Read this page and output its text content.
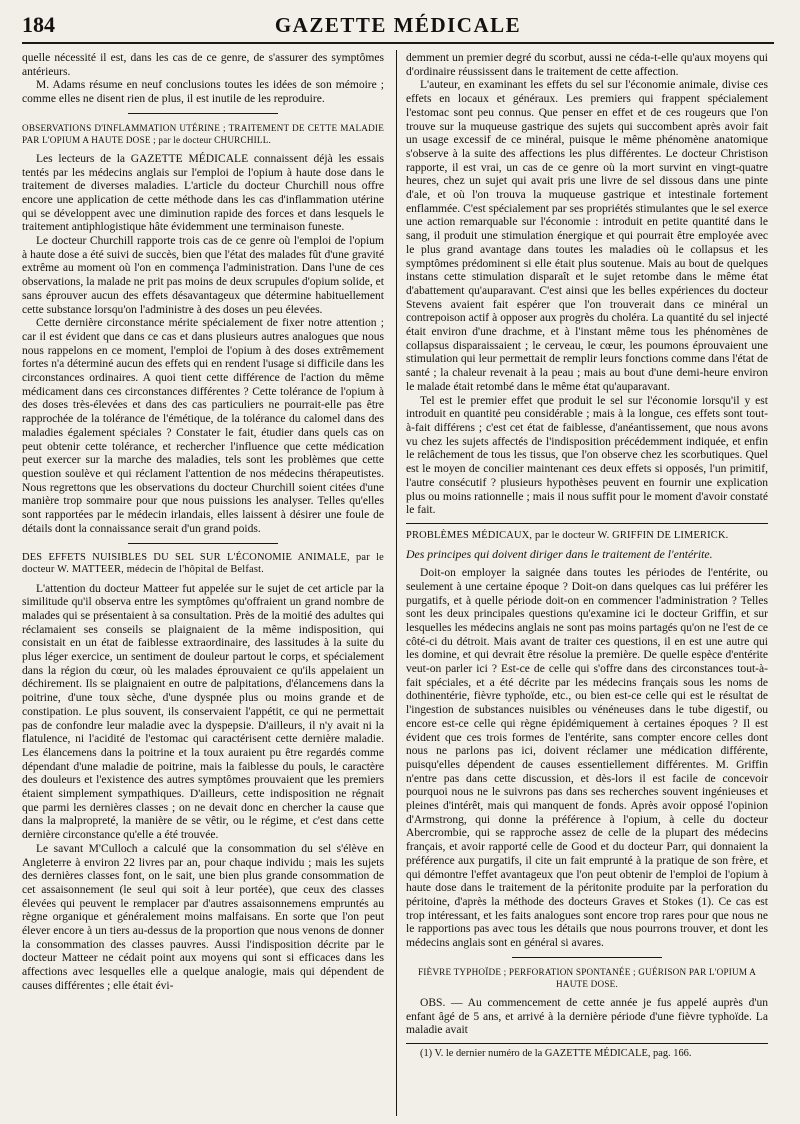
184	GAZETTE MÉDICALE

quelle nécessité il est, dans les cas de ce genre, de s'assurer des symptômes antérieurs.

M. Adams résume en neuf conclusions toutes les idées de son mémoire ; comme elles ne disent rien de plus, il est inutile de les reproduire.

OBSERVATIONS D'INFLAMMATION UTÉRINE ; TRAITEMENT DE CETTE MALADIE PAR L'OPIUM A HAUTE DOSE ; par le docteur CHURCHILL.

Les lecteurs de la GAZETTE MÉDICALE connaissent déjà les essais tentés par les médecins anglais sur l'emploi de l'opium à haute dose dans le traitement de diverses maladies. L'article du docteur Churchill nous offre encore une application de cette méthode dans les cas d'inflammation utérine qui se développent avec une diminution rapide des forces et dans lesquels le traitement antiphlogistique hâte évidemment une terminaison funeste.

Le docteur Churchill rapporte trois cas de ce genre où l'emploi de l'opium à haute dose a été suivi de succès, bien que l'état des malades fût d'une gravité extrême au moment où l'on en commença l'administration. Dans l'une de ces observations, la malade ne prit pas moins de deux scrupules d'opium solide, et sans éprouver aucun des effets désavantageux que détermine habituellement cette substance lorsqu'on l'administre à des doses un peu élevées.

Cette dernière circonstance mérite spécialement de fixer notre attention ; car il est évident que dans ce cas et dans plusieurs autres analogues que nous nous rappelons en ce moment, l'emploi de l'opium à des doses extrêmement fortes n'a déterminé aucun des effets qui en rendent l'usage si difficile dans les circonstances ordinaires. A quoi tient cette différence de l'action du même médicament dans ces circonstances différentes ? Cette tolérance de l'opium à des doses très-élevées et dans des cas particuliers ne pourrait-elle pas être rapprochée de la tolérance de l'émétique, de la tolérance du calomel dans des maladies également spéciales ? Constater le fait, étudier dans quels cas on peut obtenir cette tolérance, et rechercher l'influence que cette médication peut exercer sur la marche des maladies, tels sont les problèmes que cette question soulève et qui réclament l'attention de nos médecins thérapeutistes. Nous regrettons que les observations du docteur Churchill soient citées d'une manière trop sommaire pour que nous puissions les analyser. Telles qu'elles sont rapportées par le médecin irlandais, elles laissent à désirer une foule de détails dont la connaissance serait d'un grand poids.

DES EFFETS NUISIBLES DU SEL SUR L'ÉCONOMIE ANIMALE, par le docteur W. MATTEER, médecin de l'hôpital de Belfast.

L'attention du docteur Matteer fut appelée sur le sujet de cet article par la similitude qu'il observa entre les symptômes qu'offraient un grand nombre de malades qui se présentaient à sa consultation. Près de la moitié des adultes qui réclamaient ses conseils se plaignaient de la même indisposition, qui consistait en un état de faiblesse extraordinaire, des lassitudes à la suite du plus léger exercice, un sentiment de douleur partout le corps, et spécialement dans la région du cœur, où les malades éprouvaient ce qu'ils appelaient un déchirement. Ils se plaignaient en outre de palpitations, d'élancemens dans la poitrine, d'une toux sèche, d'une dyspnée plus ou moins grande et de constipation. Le plus souvent, ils conservaient l'appétit, ce qui ne permettait pas de confondre leur maladie avec la dyspepsie. D'ailleurs, il n'y avait ni la flatulence, ni l'acidité de l'estomac qui caractérisent cette dernière maladie. Les élancemens dans la poitrine et la toux auraient pu être regardés comme dépendant d'une maladie de poitrine, mais la faiblesse du pouls, le caractère des douleurs et l'existence des autres symptômes prouvaient que les premiers étaient simplement sympathiques. D'ailleurs, cette indisposition ne régnait que parmi les dernières classes ; on ne devait donc en chercher la cause que dans la malpropreté, la manière de se vêtir, ou le régime, et c'est dans cette dernière circonstance qu'elle a été trouvée.

Le savant M'Culloch a calculé que la consommation du sel s'élève en Angleterre à environ 22 livres par an, pour chaque individu ; mais les sujets des dernières classes font, on le sait, une bien plus grande consommation de cet assaisonnement (le seul qui soit à leur portée), que ceux des classes élevées qui peuvent le remplacer par d'autres assaisonnemens empruntés au règne organique et généralement moins malfaisans. En sorte que l'on peut élever encore à un tiers au-dessus de la proportion que nous venons de donner la consommation des classes pauvres. Aussi l'indisposition décrite par le docteur Matteer ne cédait point aux moyens qui sont si efficaces dans les affections avec lesquelles elle a quelque analogie, mais qui dépendent de causes différentes ; elle était évi-

demment un premier degré du scorbut, aussi ne céda-t-elle qu'aux moyens qui d'ordinaire réussissent dans le traitement de cette affection.

L'auteur, en examinant les effets du sel sur l'économie animale, divise ces effets en locaux et généraux. Les premiers qui frappent spécialement l'estomac sont peu connus. Que penser en effet et de ces rougeurs que l'on trouve sur la muqueuse gastrique des sujets qui succombent après avoir fait un usage excessif de ce minéral, puisque le même phénomène anatomique s'observe à la suite des affections les plus différentes. Le docteur Christison rapporte, il est vrai, un cas de ce genre où la mort survint en vingt-quatre heures, chez un sujet qui avait pris une livre de sel dissous dans une pinte d'ale, et où l'on trouva la muqueuse gastrique et intestinale fortement enflammée. C'est spécialement par ses propriétés stimulantes que le sel exerce une action remarquable sur l'économie : introduit en petite quantité dans le sang, il produit une stimulation énergique et qui pourrait être employée avec le plus grand avantage dans toutes les maladies où le collapsus et les symptômes prédominent si elle était plus soutenue. Mais au bout de quelques instans cette stimulation disparaît et le sujet retombe dans le même état d'abattement qu'auparavant. C'est ainsi que les belles expériences du docteur Stevens avaient fait espérer que l'on trouverait dans ce minéral un contrepoison actif à opposer aux progrès du choléra. La quantité du sel injecté était environ d'une drachme, et à l'instant même tous les phénomènes de collapsus disparaissaient ; le cerveau, le cœur, les poumons éprouvaient une stimulation qui leur permettait de remplir leurs fonctions comme dans l'état de santé ; la chaleur revenait à la peau ; mais au bout d'une demi-heure environ le malade était retombé dans le même état qu'auparavant.

Tel est le premier effet que produit le sel sur l'économie lorsqu'il y est introduit en quantité peu considérable ; mais à la longue, ces effets sont tout-à-fait différens ; c'est cet état de faiblesse, d'anéantissement, que nous avons vu chez les sujets affectés de l'indisposition précédemment indiquée, et enfin le relâchement de tous les tissus, que l'on observe chez les scorbutiques. Quel est le moyen de concilier maintenant ces deux effets si opposés, l'un primitif, l'autre consécutif ? plusieurs hypothèses peuvent en fournir une explication plus ou moins rationnelle ; mais il nous suffit pour le moment d'avoir constaté le fait.

PROBLÈMES MÉDICAUX, par le docteur W. GRIFFIN DE LIMERICK.

Des principes qui doivent diriger dans le traitement de l'entérite.

Doit-on employer la saignée dans toutes les périodes de l'entérite, ou seulement à une certaine époque ? Doit-on dans quelques cas lui préférer les purgatifs, et à quelle période doit-on en commencer l'administration ? Telles sont les deux principales questions qu'examine ici le docteur Griffin, et sur lesquelles les médecins anglais ne sont pas moins partagés qu'on ne l'est de ce côté-ci du détroit. Mais avant de traiter ces questions, il en est une autre qui les domine, et qui devrait être résolue la première. De quelle espèce d'entérite veut-on parler ici ? Est-ce de celle qui s'offre dans des circonstances tout-à-fait spéciales, et a été décrite par les médecins français sous les noms de dothinentérie, fièvre typhoïde, etc., ou bien est-ce celle qui est le résultat de l'ingestion de substances nuisibles ou vénéneuses dans le tube digestif, ou encore est-ce celle qui règne épidémiquement à certaines époques ? Il est évident que ces trois formes de l'entérite, sans compter encore celles dont nous ne parlons pas ici, doivent réclamer une médication différente, puisqu'elles dépendent de causes essentiellement différentes. M. Griffin n'entre pas dans cette discussion, et dès-lors il est facile de concevoir pourquoi nous ne le suivrons pas dans ses recherches souvent ingénieuses et pleines d'intérêt, mais qui manquent de fonds. Après avoir opposé l'opinion d'Armstrong, qui donne la préférence à l'opium, à celle du docteur Abercrombie, qui se rapproche assez de celle de la plupart des médecins français, et avoir rapporté celle de Good et du docteur Parr, qui donnaient la préférence aux purgatifs, il cite un fait emprunté à la pratique de son frère, et qui démontre l'effet avantageux que l'on peut obtenir de l'emploi de l'opium à haute dose dans le traitement de la péritonite produite par la perforation du péritoine, d'après la méthode des docteurs Graves et Stokes (1). Ce cas est trop intéressant, et les faits analogues sont encore trop rares pour que nous ne le rapportions pas avec tous les détails que nous pourrons trouver, et dont les médecins anglais sont en général si avares.

FIÈVRE TYPHOÏDE ; PERFORATION SPONTANÉE ; GUÉRISON PAR L'OPIUM A HAUTE DOSE.

OBS. — Au commencement de cette année je fus appelé auprès d'un enfant âgé de 5 ans, et arrivé à la dernière période d'une fièvre typhoïde. La maladie avait

(1) V. le dernier numéro de la GAZETTE MÉDICALE, pag. 166.
